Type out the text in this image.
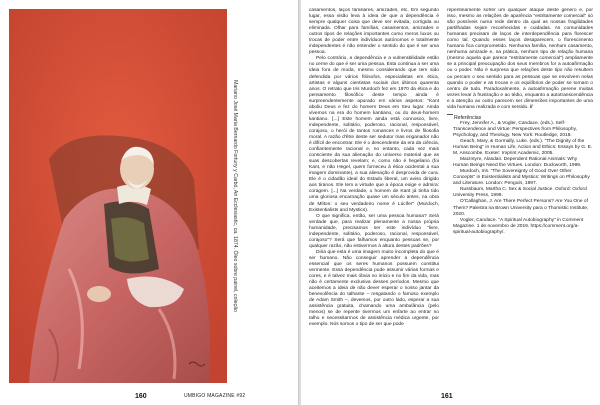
Mariano José María Bernardo Fortuny y Carbó, An Ecclesiastic, ca. 1874. Óleo sobre painel, coleção
160

casamentos, laços familiares, amizades, etc. Em segundo lugar, essa visão leva à ideia de que a dependência é sempre qualquer coisa que deve ser evitada, corrigida ou eliminada. Olhar para famílias, casamentos, amizades e outros tipos de relações importantes como meros luxos ou trocas de poder entre indivíduos autónomos e totalmente independentes é não entender o sentido do que é ser uma pessoa.

Pelo contrário, a dependência e a vulnerabilidade estão no cerne do que é ser uma pessoa. Esta continua a ser uma ideia fora de moda, mesmo considerando que tem sido defendida por vários filósofos, especialistas em ética, artistas e alguns cientistas sociais dos últimos quarenta anos. O retrato que Iris Murdoch fez em 1970 da ética e do pensamento filosófico deste tempo ainda é surpreendentemente apurado em vários aspetos: "Kant aboliu Deus e fez do homem Deus em Seu lugar. Ainda vivemos na era do homem kantiano, ou do deus-homem kantiano. [...] Este homem ainda está connosco, livre, independente, solitário, poderoso, racional, responsável, corajoso, o herói de tantos romances e livros de filosofia moral. A razão d'être deste ser sedutor mas enganador não é difícil de encontrar. Ele é o descendente da era da ciência, confiantemente racional e, no entanto, cada vez mais consciente da sua alienação do universo material que as suas descobertas revelam; e, como não é hegeliano (foi Kant, e não Hegel, quem forneceu à ética ocidental a sua imagem dominante), a sua alienação é desprovida de cura. Ele é o cidadão ideal do Estado liberal, um aviso dirigido aos tiranos. Ele tem a virtude que a época exige e admira: coragem. [...] Na verdade, o homem de Kant já tinha tido uma gloriosa encarnação quase um século antes, na obra de Milton: o seu verdadeiro nome é Lúcifer" (Murdoch, Existentialists and Mystics).

O que significa, então, ser uma pessoa humana? Será verdade que, para realizar plenamente a nossa própria humanidade, precisamos ser este indivíduo "livre, independente, solitário, poderoso, racional, responsável, corajoso"? Será que falhamos enquanto pessoas se, por qualquer razão, não estivermos à altura destes padrões?

Diria que esta é uma imagem muito incompleta do que é ser humano. Não conseguir aprender a dependência essencial que os seres humanos possuem constitui vermente. Essa dependência pode assumir várias formas e cores, e é talvez mais óbvia no início e no fim da vida, mas não é certamente exclusiva desses períodos. Mesmo que aceitemos a ideia de não dever esperar o nosso jantar da benevolência do talhante – resgatando o famoso exemplo de Adam Smith –, devemos, por outro lado, esperar a sua assistência gratuita, chamando uma ambulância (pelo menos) se de repente tivermos um enfarte ao entrar no talho e necessitarmos de assistência médica urgente, por exemplo. Nós somos o tipo de ser que pode

repentinamente sofrer um qualquer ataque deste género e, por isso, mesmo as relações de aparência "estritamente comercial" só são possíveis numa rede dentro da qual as nossas fragilidades partilhadas sejam reconhecidas e cuidadas. As comunidades humanas precisam de laços de interdependência para florescer como tal. Quando esses laços desaparecem, o florescimento humano fica comprometido. Nenhuma família, nenhum casamento, nenhuma amizade e, na prática, nenhum tipo de relação humana (mesmo aquela que parece "estritamente comercial") ampliamente se a principal preocupação dos seus membros for a autoafirmação ou o poder. Não é surpresa que relações deste tipo não resultem ou percam o seu sentido para as pessoas que se envolvem nelas quando o poder e as trocas e os equilíbrios de poder se tornam o centro de tudo. Paradoxalmente, a autoafirmação perene muitas vezes levar à frustração e ao tédio, enquanto a autotranscendência e a atenção ao outro parecem ser dimensões importantes de uma vida humana realizada e com sentido. //

Referências

Frey, Jennifer A., & Vogler, Candace. (eds.). Self-Transcendence and Virtue: Perspectives from Philosophy, Psychology, and Theology. New York: Routledge, 2018.

Geach, Mary, & Gormally, Luke. (eds.). "The Dignity of the Human Being" in Human Life, Action and Ethics: Essays by G. E. M. Anscombe. Exeter: Imprint Academic, 2005.

MacIntyre, Alasdair. Dependent Rational Animals: Why Human Beings Need the Virtues. London: Duckworth, 1999.

Murdoch, Iris. "The Sovereignty of Good Over Other Concepts" in Existentialists and Mystics: Writings on Philosophy and Literature. London: Penguin, 1997.

Nussbaum, Martha C. Sex & Social Justice. Oxford: Oxford University Press, 1999.

O'Callaghan, J. Are There Perfect Persons? Are You One of Them? Palestra na Brown University para o Thomistic Institute, 2020.

Vogler, Candace. "A Spiritual Autobiography" in Comment Magazine. 1 de novembro de 2019. https://comment.org/a-spiritual-autobiography/.

161
UMBIGO MAGAZINE #92
